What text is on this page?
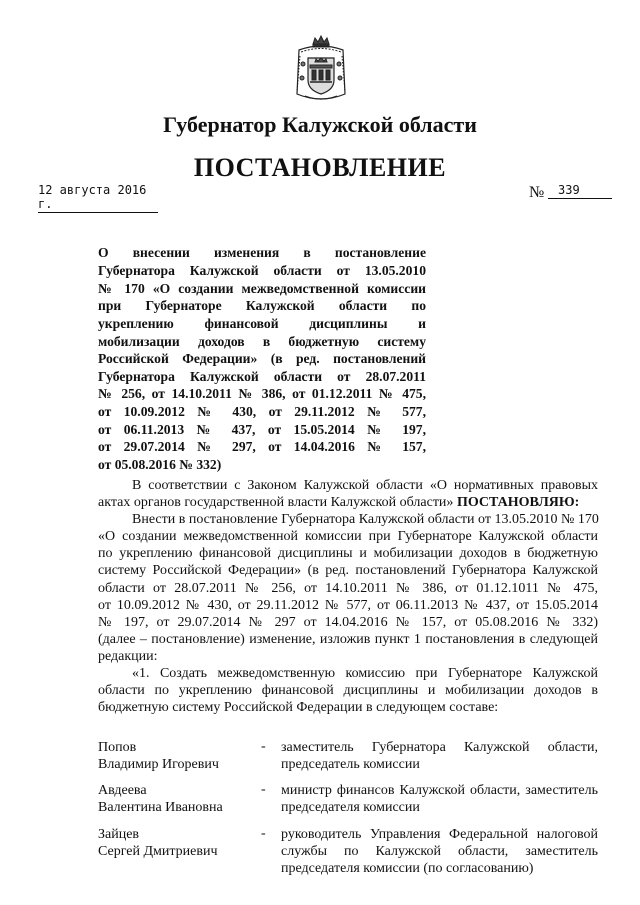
Губернатор Калужской области
ПОСТАНОВЛЕНИЕ
12 августа 2016 г.
№	339
О внесении изменения в постановление
Губернатора Калужской области от 13.05.2010
№ 170 «О создании межведомственной комиссии
при Губернаторе Калужской области по
укреплению финансовой дисциплины и
мобилизации доходов в бюджетную систему
Российской Федерации» (в ред. постановлений
Губернатора Калужской области от 28.07.2011
№ 256, от 14.10.2011 № 386, от 01.12.2011 № 475,
от 10.09.2012 № 430, от 29.11.2012 № 577,
от 06.11.2013 № 437, от 15.05.2014 № 197,
от 29.07.2014 № 297, от 14.04.2016 № 157,
от 05.08.2016 № 332)
В соответствии с Законом Калужской области «О нормативных правовых
актах органов государственной власти Калужской области» ПОСТАНОВЛЯЮ:
Внести в постановление Губернатора Калужской области от 13.05.2010 № 170
«О создании межведомственной комиссии при Губернаторе Калужской области
по укреплению финансовой дисциплины и мобилизации доходов в бюджетную
систему Российской Федерации» (в ред. постановлений Губернатора Калужской
области от 28.07.2011 № 256, от 14.10.2011 № 386, от 01.12.1011 № 475,
от 10.09.2012 № 430, от 29.11.2012 № 577, от 06.11.2013 № 437, от 15.05.2014
№ 197, от 29.07.2014 № 297 от 14.04.2016 № 157, от 05.08.2016 № 332)
(далее – постановление) изменение, изложив пункт 1 постановления в следующей
редакции:
«1. Создать межведомственную комиссию при Губернаторе Калужской
области по укреплению финансовой дисциплины и мобилизации доходов в
бюджетную систему Российской Федерации в следующем составе:
Попов
Владимир Игоревич
- заместитель Губернатора Калужской области,
председатель комиссии
Авдеева
Валентина Ивановна
- министр финансов Калужской области, заместитель
председателя комиссии
Зайцев
Сергей Дмитриевич
- руководитель Управления Федеральной налоговой
службы по Калужской области, заместитель
председателя комиссии (по согласованию)
